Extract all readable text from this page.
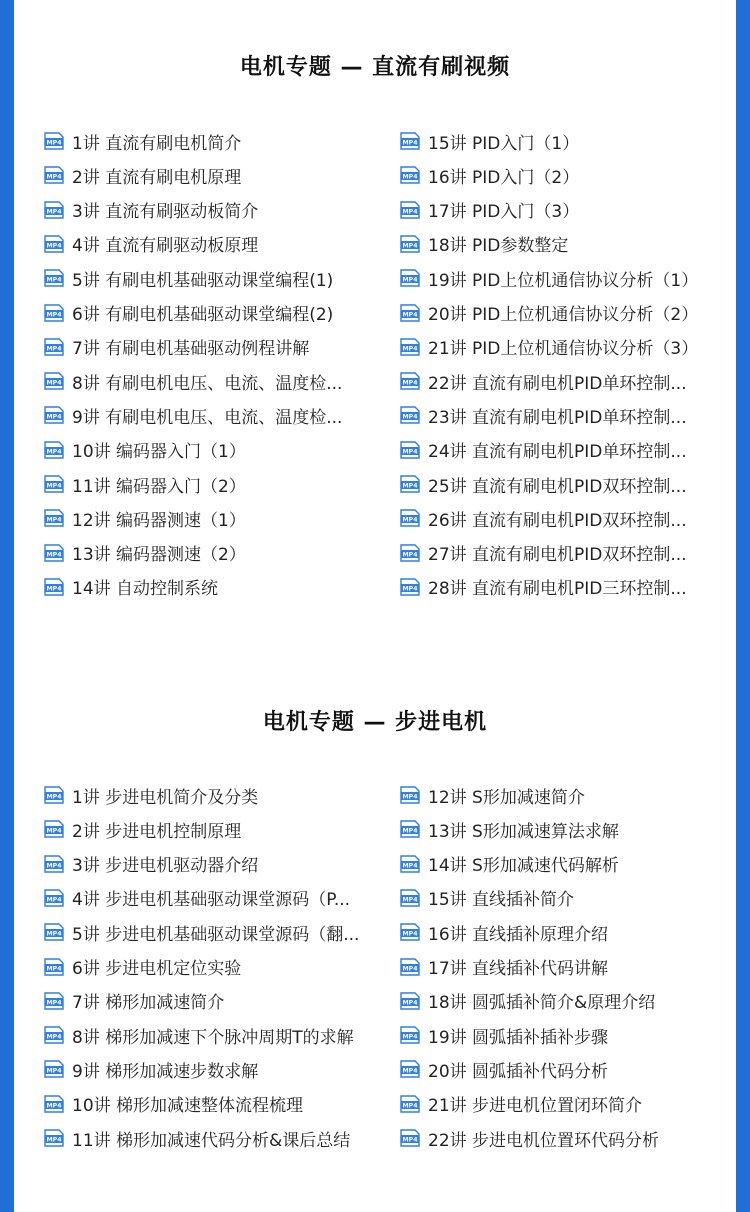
电机专题 — 直流有刷视频
MP4 1讲 直流有刷电机简介
MP4 2讲 直流有刷电机原理
MP4 3讲 直流有刷驱动板简介
MP4 4讲 直流有刷驱动板原理
MP4 5讲 有刷电机基础驱动课堂编程(1)
MP4 6讲 有刷电机基础驱动课堂编程(2)
MP4 7讲 有刷电机基础驱动例程讲解
MP4 8讲 有刷电机电压、电流、温度检...
MP4 9讲 有刷电机电压、电流、温度检...
MP4 10讲 编码器入门（1）
MP4 11讲 编码器入门（2）
MP4 12讲 编码器测速（1）
MP4 13讲 编码器测速（2）
MP4 14讲 自动控制系统
MP4 15讲 PID入门（1）
MP4 16讲 PID入门（2）
MP4 17讲 PID入门（3）
MP4 18讲 PID参数整定
MP4 19讲 PID上位机通信协议分析（1）
MP4 20讲 PID上位机通信协议分析（2）
MP4 21讲 PID上位机通信协议分析（3）
MP4 22讲 直流有刷电机PID单环控制...
MP4 23讲 直流有刷电机PID单环控制...
MP4 24讲 直流有刷电机PID单环控制...
MP4 25讲 直流有刷电机PID双环控制...
MP4 26讲 直流有刷电机PID双环控制...
MP4 27讲 直流有刷电机PID双环控制...
MP4 28讲 直流有刷电机PID三环控制...
电机专题 — 步进电机
MP4 1讲 步进电机简介及分类
MP4 2讲 步进电机控制原理
MP4 3讲 步进电机驱动器介绍
MP4 4讲 步进电机基础驱动课堂源码（P...
MP4 5讲 步进电机基础驱动课堂源码（翻...
MP4 6讲 步进电机定位实验
MP4 7讲 梯形加减速简介
MP4 8讲 梯形加减速下个脉冲周期T的求解
MP4 9讲 梯形加减速步数求解
MP4 10讲 梯形加减速整体流程梳理
MP4 11讲 梯形加减速代码分析&课后总结
MP4 12讲 S形加减速简介
MP4 13讲 S形加减速算法求解
MP4 14讲 S形加减速代码解析
MP4 15讲 直线插补简介
MP4 16讲 直线插补原理介绍
MP4 17讲 直线插补代码讲解
MP4 18讲 圆弧插补简介&原理介绍
MP4 19讲 圆弧插补插补步骤
MP4 20讲 圆弧插补代码分析
MP4 21讲 步进电机位置闭环简介
MP4 22讲 步进电机位置环代码分析
